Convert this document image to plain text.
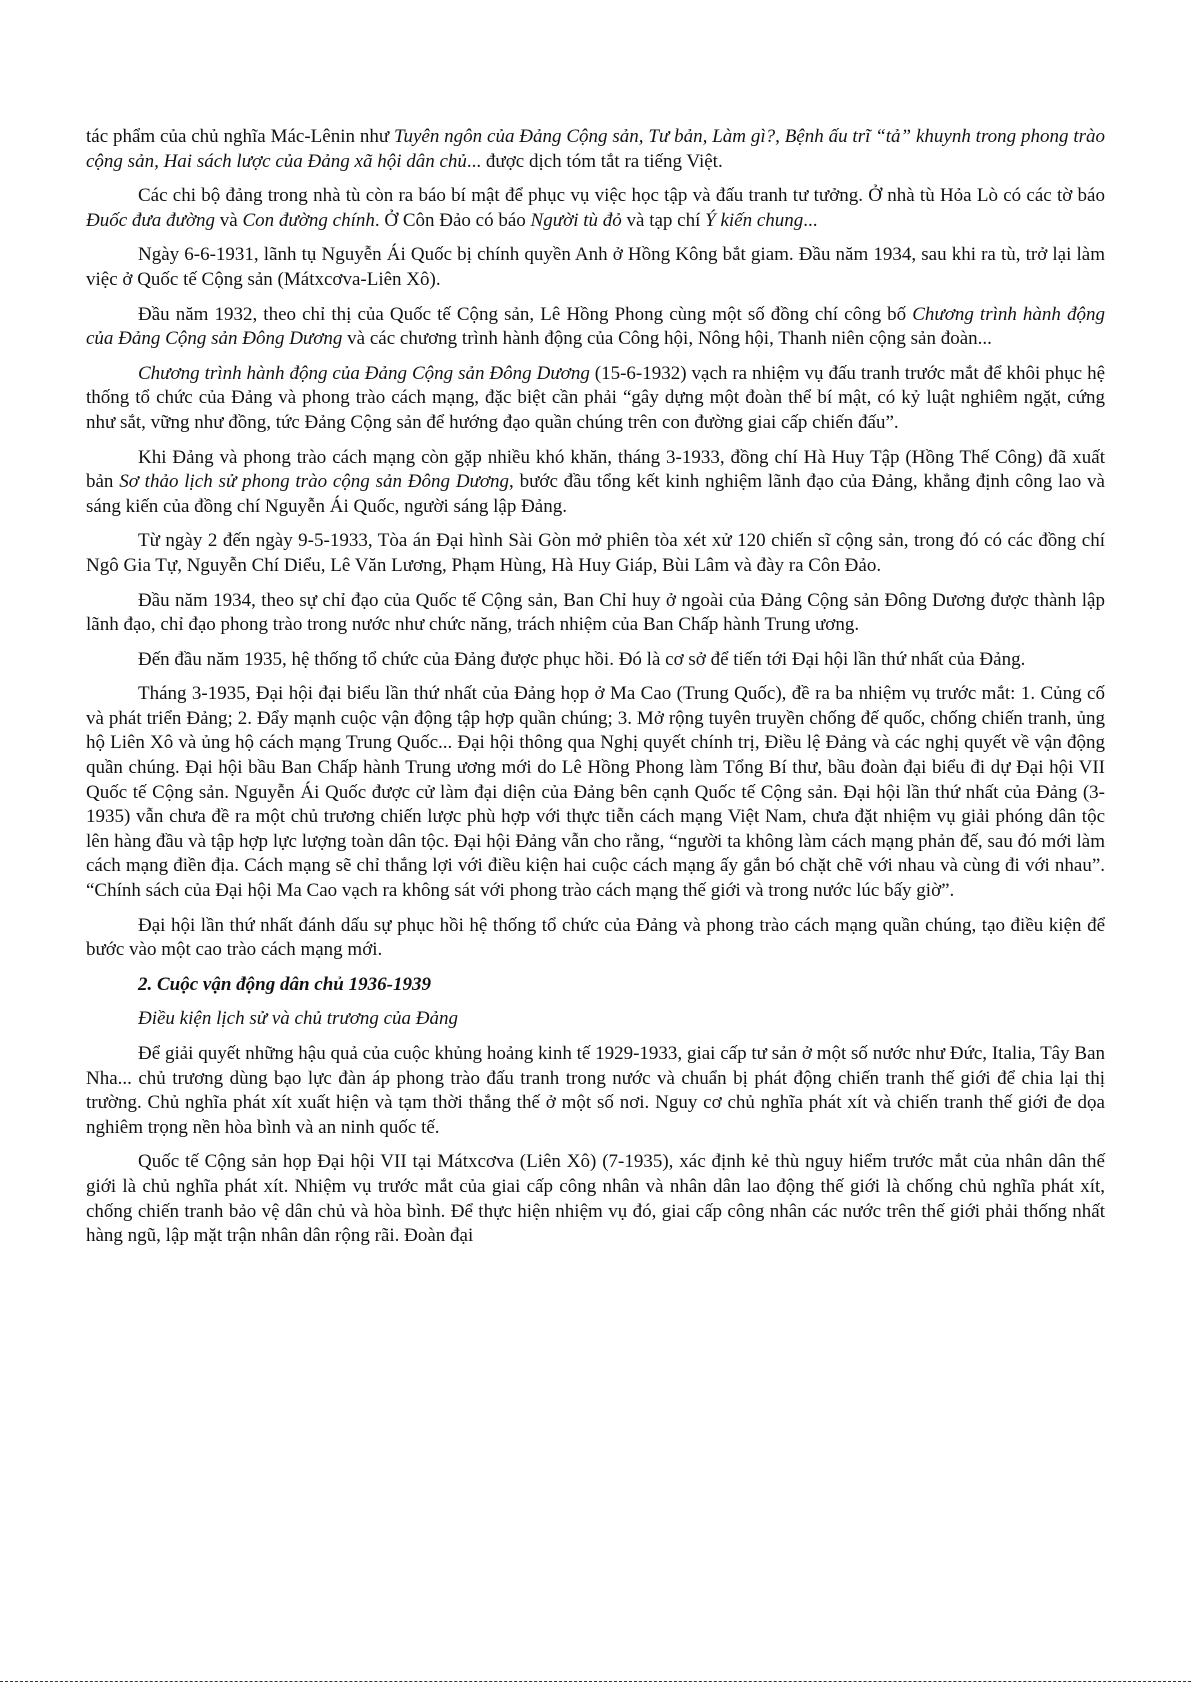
tác phẩm của chủ nghĩa Mác-Lênin như Tuyên ngôn của Đảng Cộng sản, Tư bản, Làm gì?, Bệnh ấu trĩ “tả” khuynh trong phong trào cộng sản, Hai sách lược của Đảng xã hội dân chủ... được dịch tóm tắt ra tiếng Việt.

Các chi bộ đảng trong nhà tù còn ra báo bí mật để phục vụ việc học tập và đấu tranh tư tưởng. Ở nhà tù Hỏa Lò có các tờ báo Đuốc đưa đường và Con đường chính. Ở Côn Đảo có báo Người tù đỏ và tạp chí Ý kiến chung...

Ngày 6-6-1931, lãnh tụ Nguyễn Ái Quốc bị chính quyền Anh ở Hồng Kông bắt giam. Đầu năm 1934, sau khi ra tù, trở lại làm việc ở Quốc tế Cộng sản (Mátxcơva-Liên Xô).

Đầu năm 1932, theo chỉ thị của Quốc tế Cộng sản, Lê Hồng Phong cùng một số đồng chí công bố Chương trình hành động của Đảng Cộng sản Đông Dương và các chương trình hành động của Công hội, Nông hội, Thanh niên cộng sản đoàn...

Chương trình hành động của Đảng Cộng sản Đông Dương (15-6-1932) vạch ra nhiệm vụ đấu tranh trước mắt để khôi phục hệ thống tổ chức của Đảng và phong trào cách mạng, đặc biệt cần phải “gây dựng một đoàn thể bí mật, có kỷ luật nghiêm ngặt, cứng như sắt, vững như đồng, tức Đảng Cộng sản để hướng đạo quần chúng trên con đường giai cấp chiến đấu”.

Khi Đảng và phong trào cách mạng còn gặp nhiều khó khăn, tháng 3-1933, đồng chí Hà Huy Tập (Hồng Thế Công) đã xuất bản Sơ thảo lịch sử phong trào cộng sản Đông Dương, bước đầu tổng kết kinh nghiệm lãnh đạo của Đảng, khẳng định công lao và sáng kiến của đồng chí Nguyễn Ái Quốc, người sáng lập Đảng.

Từ ngày 2 đến ngày 9-5-1933, Tòa án Đại hình Sài Gòn mở phiên tòa xét xử 120 chiến sĩ cộng sản, trong đó có các đồng chí Ngô Gia Tự, Nguyễn Chí Diểu, Lê Văn Lương, Phạm Hùng, Hà Huy Giáp, Bùi Lâm và đày ra Côn Đảo.

Đầu năm 1934, theo sự chỉ đạo của Quốc tế Cộng sản, Ban Chỉ huy ở ngoài của Đảng Cộng sản Đông Dương được thành lập lãnh đạo, chỉ đạo phong trào trong nước như chức năng, trách nhiệm của Ban Chấp hành Trung ương.

Đến đầu năm 1935, hệ thống tổ chức của Đảng được phục hồi. Đó là cơ sở để tiến tới Đại hội lần thứ nhất của Đảng.

Tháng 3-1935, Đại hội đại biểu lần thứ nhất của Đảng họp ở Ma Cao (Trung Quốc), đề ra ba nhiệm vụ trước mắt: 1. Củng cố và phát triển Đảng; 2. Đẩy mạnh cuộc vận động tập hợp quần chúng; 3. Mở rộng tuyên truyền chống đế quốc, chống chiến tranh, ủng hộ Liên Xô và ủng hộ cách mạng Trung Quốc... Đại hội thông qua Nghị quyết chính trị, Điều lệ Đảng và các nghị quyết về vận động quần chúng. Đại hội bầu Ban Chấp hành Trung ương mới do Lê Hồng Phong làm Tổng Bí thư, bầu đoàn đại biểu đi dự Đại hội VII Quốc tế Cộng sản. Nguyễn Ái Quốc được cử làm đại diện của Đảng bên cạnh Quốc tế Cộng sản. Đại hội lần thứ nhất của Đảng (3-1935) vẫn chưa đề ra một chủ trương chiến lược phù hợp với thực tiễn cách mạng Việt Nam, chưa đặt nhiệm vụ giải phóng dân tộc lên hàng đầu và tập hợp lực lượng toàn dân tộc. Đại hội Đảng vẫn cho rằng, “người ta không làm cách mạng phản đế, sau đó mới làm cách mạng điền địa. Cách mạng sẽ chỉ thắng lợi với điều kiện hai cuộc cách mạng ấy gắn bó chặt chẽ với nhau và cùng đi với nhau”. “Chính sách của Đại hội Ma Cao vạch ra không sát với phong trào cách mạng thế giới và trong nước lúc bấy giờ”.

Đại hội lần thứ nhất đánh dấu sự phục hồi hệ thống tổ chức của Đảng và phong trào cách mạng quần chúng, tạo điều kiện để bước vào một cao trào cách mạng mới.

2. Cuộc vận động dân chủ 1936-1939

Điều kiện lịch sử và chủ trương của Đảng

Để giải quyết những hậu quả của cuộc khủng hoảng kinh tế 1929-1933, giai cấp tư sản ở một số nước như Đức, Italia, Tây Ban Nha... chủ trương dùng bạo lực đàn áp phong trào đấu tranh trong nước và chuẩn bị phát động chiến tranh thế giới để chia lại thị trường. Chủ nghĩa phát xít xuất hiện và tạm thời thắng thế ở một số nơi. Nguy cơ chủ nghĩa phát xít và chiến tranh thế giới đe dọa nghiêm trọng nền hòa bình và an ninh quốc tế.

Quốc tế Cộng sản họp Đại hội VII tại Mátxcơva (Liên Xô) (7-1935), xác định kẻ thù nguy hiểm trước mắt của nhân dân thế giới là chủ nghĩa phát xít. Nhiệm vụ trước mắt của giai cấp công nhân và nhân dân lao động thế giới là chống chủ nghĩa phát xít, chống chiến tranh bảo vệ dân chủ và hòa bình. Để thực hiện nhiệm vụ đó, giai cấp công nhân các nước trên thế giới phải thống nhất hàng ngũ, lập mặt trận nhân dân rộng rãi. Đoàn đại
